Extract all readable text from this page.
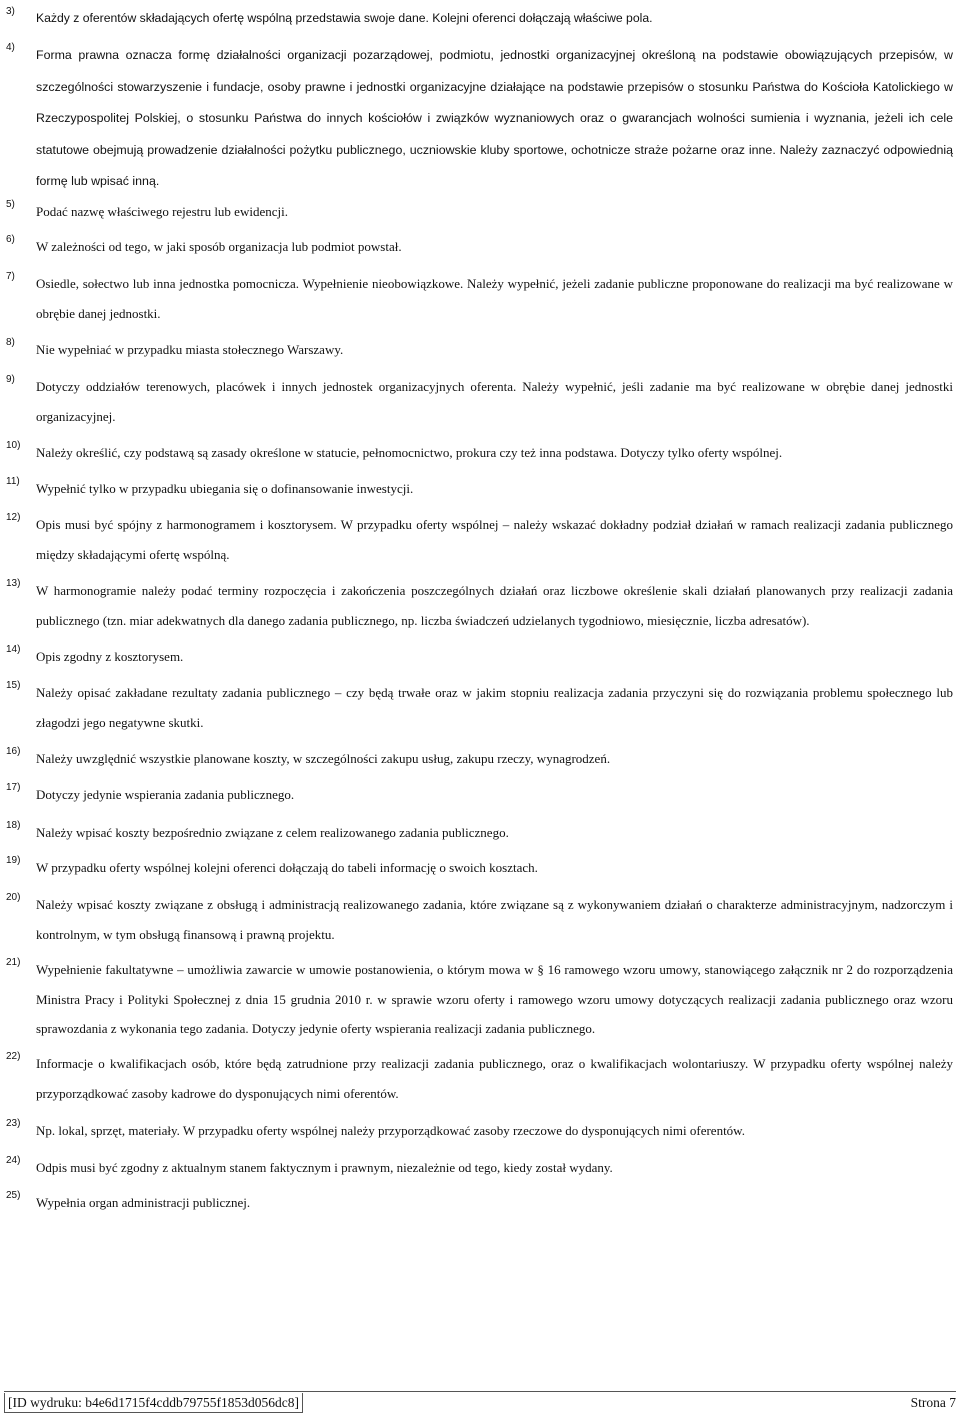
3) Każdy z oferentów składających ofertę wspólną przedstawia swoje dane. Kolejni oferenci dołączają właściwe pola.
4)
Forma prawna oznacza formę działalności organizacji pozarządowej, podmiotu, jednostki organizacyjnej określoną na podstawie obowiązujących przepisów, w szczególności stowarzyszenie i fundacje, osoby prawne i jednostki organizacyjne działające na podstawie przepisów o stosunku Państwa do Kościoła Katolickiego w Rzeczypospolitej Polskiej, o stosunku Państwa do innych kościołów i związków wyznaniowych oraz o gwarancjach wolności sumienia i wyznania, jeżeli ich cele statutowe obejmują prowadzenie działalności pożytku publicznego, uczniowskie kluby sportowe, ochotnicze straże pożarne oraz inne. Należy zaznaczyć odpowiednią formę lub wpisać inną.
5) Podać nazwę właściwego rejestru lub ewidencji.
6) W zależności od tego, w jaki sposób organizacja lub podmiot powstał.
7) Osiedle, sołectwo lub inna jednostka pomocnicza. Wypełnienie nieobowiązkowe. Należy wypełnić, jeżeli zadanie publiczne proponowane do realizacji ma być realizowane w obrębie danej jednostki.
8) Nie wypełniać w przypadku miasta stołecznego Warszawy.
9) Dotyczy oddziałów terenowych, placówek i innych jednostek organizacyjnych oferenta. Należy wypełnić, jeśli zadanie ma być realizowane w obrębie danej jednostki organizacyjnej.
10) Należy określić, czy podstawą są zasady określone w statucie, pełnomocnictwo, prokura czy też inna podstawa. Dotyczy tylko oferty wspólnej.
11) Wypełnić tylko w przypadku ubiegania się o dofinansowanie inwestycji.
12) Opis musi być spójny z harmonogramem i kosztorysem. W przypadku oferty wspólnej – należy wskazać dokładny podział działań w ramach realizacji zadania publicznego między składającymi ofertę wspólną.
13) W harmonogramie należy podać terminy rozpoczęcia i zakończenia poszczególnych działań oraz liczbowe określenie skali działań planowanych przy realizacji zadania publicznego (tzn. miar adekwatnych dla danego zadania publicznego, np. liczba świadczeń udzielanych tygodniowo, miesięcznie, liczba adresatów).
14) Opis zgodny z kosztorysem.
15) Należy opisać zakładane rezultaty zadania publicznego – czy będą trwałe oraz w jakim stopniu realizacja zadania przyczyni się do rozwiązania problemu społecznego lub złagodzi jego negatywne skutki.
16) Należy uwzględnić wszystkie planowane koszty, w szczególności zakupu usług, zakupu rzeczy, wynagrodzeń.
17) Dotyczy jedynie wspierania zadania publicznego.
18) Należy wpisać koszty bezpośrednio związane z celem realizowanego zadania publicznego.
19) W przypadku oferty wspólnej kolejni oferenci dołączają do tabeli informację o swoich kosztach.
20) Należy wpisać koszty związane z obsługą i administracją realizowanego zadania, które związane są z wykonywaniem działań o charakterze administracyjnym, nadzorczym i kontrolnym, w tym obsługą finansową i prawną projektu.
21) Wypełnienie fakultatywne – umożliwia zawarcie w umowie postanowienia, o którym mowa w § 16 ramowego wzoru umowy, stanowiącego załącznik nr 2 do rozporządzenia Ministra Pracy i Polityki Społecznej z dnia 15 grudnia 2010 r. w sprawie wzoru oferty i ramowego wzoru umowy dotyczących realizacji zadania publicznego oraz wzoru sprawozdania z wykonania tego zadania. Dotyczy jedynie oferty wspierania realizacji zadania publicznego.
22) Informacje o kwalifikacjach osób, które będą zatrudnione przy realizacji zadania publicznego, oraz o kwalifikacjach wolontariuszy. W przypadku oferty wspólnej należy przyporządkować zasoby kadrowe do dysponujących nimi oferentów.
23) Np. lokal, sprzęt, materiały. W przypadku oferty wspólnej należy przyporządkować zasoby rzeczowe do dysponujących nimi oferentów.
24) Odpis musi być zgodny z aktualnym stanem faktycznym i prawnym, niezależnie od tego, kiedy został wydany.
25) Wypełnia organ administracji publicznej.
[ID wydruku: b4e6d1715f4cddb79755f1853d056dc8]	Strona 7
